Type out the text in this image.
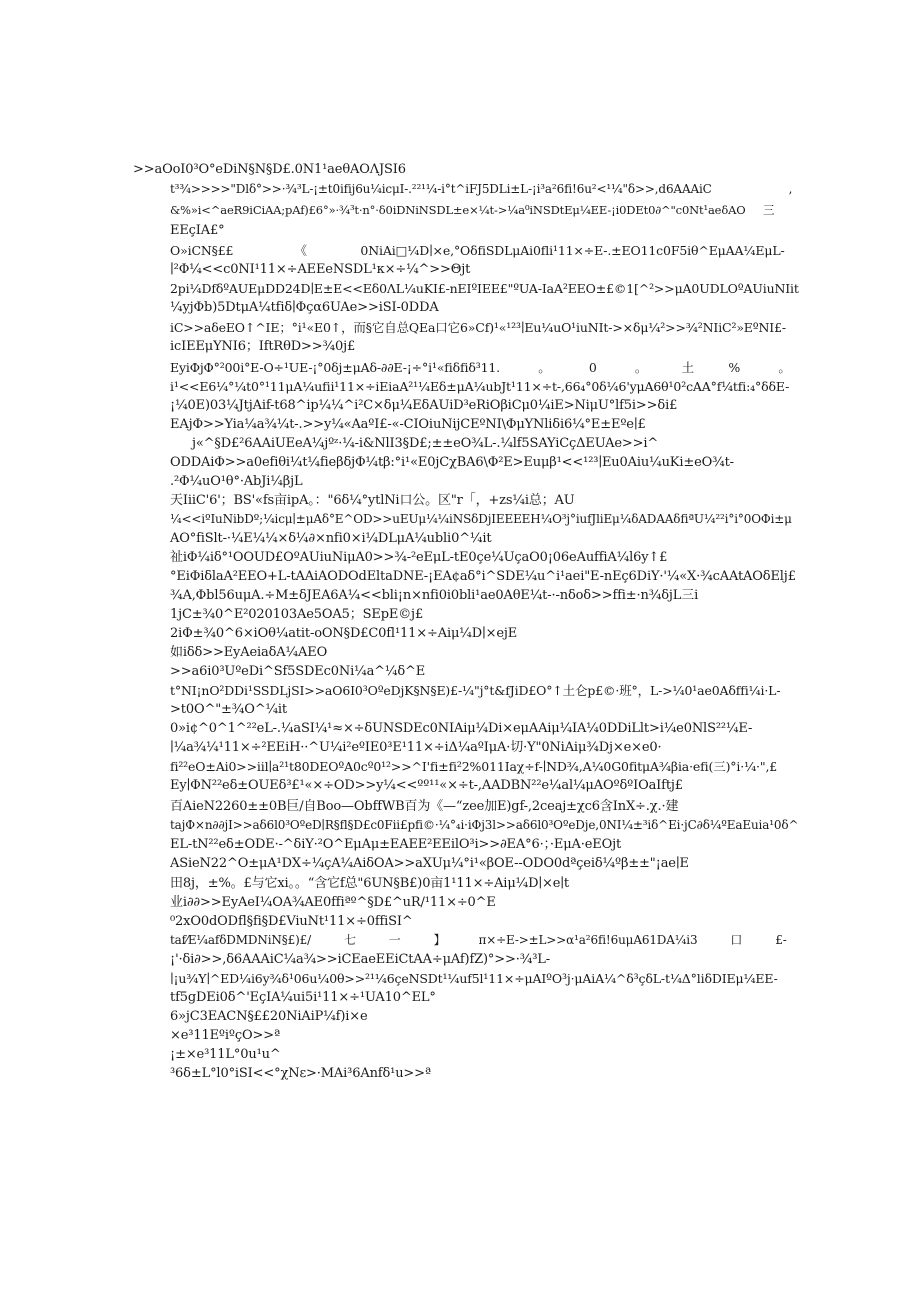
>>aOoI0³O°eDiN§N§D£.0N1¹aeθAOΛJSI6
t³¾>>>>"Dlδ°>>·¾³L-¡±t0ifij6u¼icμI-.²²¹¼-i°t^iFJ5DLi±L-¡i³a²6fi!6u²<¹¼"δ>>,d6AAAiC                     ,
&%»i<^aeR9iCiAA;pAf)£6°»·¾³t·n°·δ0iDNiNSDL±e×¼t->¼a⁰iNSDtEμ¼EE-¡i0DEt0∂^"c0Nt¹aeδAO     三
EEçIA£°
O»iCN§££                《              0NiAi□¼D∣×e,°OδfiSDLμAi0fli¹11×÷E-.±EO11c0F5iθ^EμAA¼EμL-
∣²Φ¼<<c0NI¹11×÷AEEeNSDL¹κ×÷¼^>>Θjt
2pi¼DfδºAUEμDD24D∣E±E<<Eδ0ΛL¼uKI£-nEIºIEE£"ºUA-IaA²EEO±£©1[^²>>μA0UDLOºAUiuNIit
¼yjΦb)5DtμA¼tfiδ∣Φçα6UAe>>iSI-0DDA
iC>>aδeEO↑^IE；°i¹«E0↑，而§它自总QEa口它6»Cf)¹«¹²³∣Eu¼uO¹iuNIt->×δμ¼²>>¾²NIiC²»EºNI£-
icIEEμYNI6；IftRθD>>¾0j£
EyiΦjΦ°²00i°E-O÷¹UE-¡°0δj±μAδ-∂∂E-¡÷°i¹«fiδfiδ³11.          。          0          。         土         %          。
i¹<<E6¼°¼t0°¹11μA¼ufii¹11×÷iEiaA²¹¼Eδ±μA¼ubJt¹11×÷t-,66₄°0δ¼6'yμA6θ¹0²cAA°f¹⁄₄tfi:₄°δδE-
¡¼0E)03¼JtjAif-t68^ip¼¼^i²C×δμ¼EδAUiD³eRiOβiCμ0¼iE>NiμU°lf5i>>δi£
EAjΦ>>Yia¼a¾¼t-.>>y¼«AaºI£-«-CIOiuNijCEºNI\ΦμYNliδi6¼°E±Eºe∣£
j«^§D£²6AAiUEeA¼jºᶻ·¼-i&NlI3§D£;±±eO¾L-.¼lf5SAYiCçΔEUAe>>i^
ODDAiΦ>>a0efiθi¼t¼fieβδjΦ¼tβ:°i¹«E0jCχBA6\Φ²E>Euμβ¹<<¹²³∣Eu0Aiu¼uKi±eO¾t-
.²Φ¼uO¹θ°·AbJi¼βjL
天IiiC'6'；BS'«fs亩ipA。："6δ¼°ytlNi口公。区"r「，+zs¼i总；AU
¼<<iºIuNibDº;¼icμ∣±μAδ°E^OD>>uEUμ¼¼iNSδDjIEEEEH¼O³j°iufJliEμ¼δADAAδfiªU¼²²i°i°0OΦi±μ
AO°fiSlt-·¼E¼¼×δ¼∂×nfi0×i¼DLμA¼ubli0^¼it
祉iΦ¼iδ°¹OOUD£OºAUiuNiμA0>>¾-²eEμL-tE0çe¼UçaO0¡06eAuffiA¼l6y↑£
°EiΦiδlaA²EEO+L-tAAiAODOdEltaDNE-¡EA¢aδ°i^SDE¼u^i¹aei"E-nEç6DiY·'¼«X·¾cAAtAOδElj£
¾A,Φbl56uμA.÷M±δJEA6A¼<<bli¡n×nfi0i0bli¹ae0AθE¼t-·-nδoδ>>ffi±·n¾δjL三i
1jC±¾0^E²020103Ae5OA5；SEpE©j£
2iΦ±¾0^6×iOθ¼atit-oON§D£C0fl¹11×÷Aiμ¼D∣×ejE
如iδδ>>EyAeiaδA¼AEO
>>a6i0³UºeDi^Sf5SDEc0Ni¼a^¼δ^E
t°NI¡nO²DDi¹SSDLjSI>>aO6I0³OºeDjK§N§E)£-¼"j°t&fJiD£O°↑土仑p£©·班°，L->¼0¹ae0Aδffi¼i·L-
>t0O^"±¾O^¼it
0»i¢^0^1^²²eL-.¼aSI¼¹≈×÷δUNSDEc0NIAiμ¼Di×eμAAiμ¼IA¼0DDiLlt>i¼e0NlS²²¼E-
∣¼a¾¼¹11×÷²EEiH··^U¼i²eºIE0³E¹11×÷iΔ¼aºIμA·切·Y"0NiAiμ¾Dj×e×e0·
fi²²eO±Ai0>>iil∣a²¹t80DEOºA0cº0¹²>>^I'fi±fi²2%011Iaχ÷f-∣ND¾,A¼0G0fitμA¾βia·efi(三)°i·¼·",£
Ey∣ΦN²²eδ±OUEδ³£¹«×÷OD>>y¼<<ºº¹¹«×÷t-,AADBN²²e¼al¼μAOºδºIOaIftj£
百AieN2260±±0B巨/自Boo—ObffWB百为《—“zee加E)gf-,2ceaj±χc6含InX÷.χ.·建
tajΦ×n∂∂jI>>aδ6l0³OºeD∣R§fl§D£c0Fii£pfi©·¼°₄i·iΦj3l>>aδ6l0³OºeDje,0NI¼±³iδ^Ei·jC∂δ¼ºEaEuia¹0δ^
EL-tN²²eδ±ODE·-^δiY·²O^EμAμ±EAEE²EEilO³i>>∂EA°6·；·EμA·eEOjt
ASieN22^O±μA¹DX÷¼çA¼AiδOA>>aXUμ¼°i¹«βOE--ODO0dªçeiδ¼ºβ±±"¡ae∣E
田8j，±%。£与它xi。。“含它f总"6UN§B£)0亩1¹11×÷Aiμ¼D∣×e∣t
业i∂∂>>EyAeI¼OA¾AE0ffiªº^§D£^uR∕¹11×÷0^E
⁰2xO0dODfl§fi§D£ViuNt¹11×÷0ffiSI^
taf⁄E¼afδDMDNiN§£)£/         七         一         】         π×÷E->±L>>α¹a²6fi!6uμA61DA¼i3         口         £-
¡'·δi∂>>,δ6AAAiC¼a¾>>iCEaeEEiCtAA÷μAf)fZ)°>>·¾³L-
∣¡u¾Y∣^ED¼i6y¾δ¹06u¼0θ>>²¹¼6çeNSDt¹¼uf5l¹11×÷μAIºO³j·μAiA¼^δ³çδL-t¼Δ°liδDIEμ¼EE-
tf5gDEi0δ^'EçIA¼ui5i¹11×÷¹UA10^EL°
6»jC3EACN§££20NiAiP¼f)i×e
×e³11EºiºçO>>ª
¡±×e³11L°0u¹u^
³6δ±L°l0°iSI<<°χNε>·MAi³6Anfδ¹u>>ª
